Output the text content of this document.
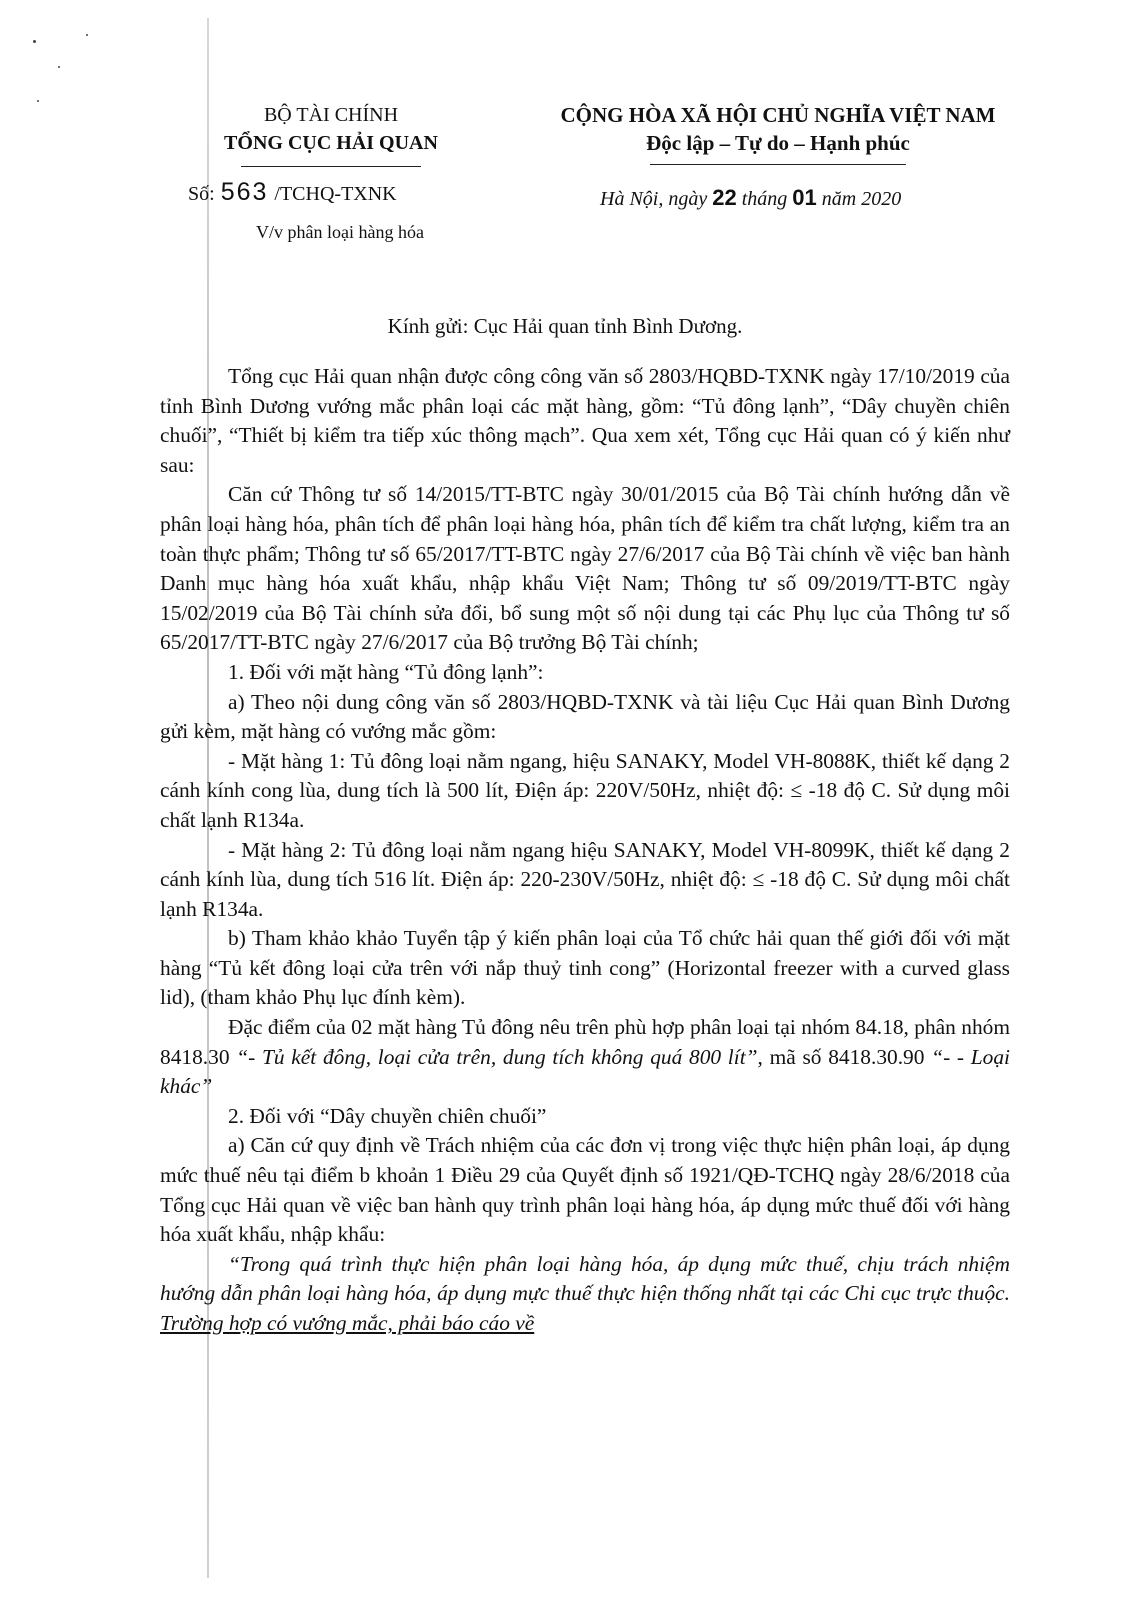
BỘ TÀI CHÍNH
TỔNG CỤC HẢI QUAN
CỘNG HÒA XÃ HỘI CHỦ NGHĨA VIỆT NAM
Độc lập – Tự do – Hạnh phúc
Số: 563 /TCHQ-TXNK
V/v phân loại hàng hóa
Hà Nội, ngày 22 tháng 01 năm 2020
Kính gửi: Cục Hải quan tỉnh Bình Dương.

Tổng cục Hải quan nhận được công công văn số 2803/HQBD-TXNK ngày 17/10/2019 của tỉnh Bình Dương vướng mắc phân loại các mặt hàng, gồm: “Tủ đông lạnh”, “Dây chuyền chiên chuối”, “Thiết bị kiểm tra tiếp xúc thông mạch”. Qua xem xét, Tổng cục Hải quan có ý kiến như sau:

Căn cứ Thông tư số 14/2015/TT-BTC ngày 30/01/2015 của Bộ Tài chính hướng dẫn về phân loại hàng hóa, phân tích để phân loại hàng hóa, phân tích để kiểm tra chất lượng, kiểm tra an toàn thực phẩm; Thông tư số 65/2017/TT-BTC ngày 27/6/2017 của Bộ Tài chính về việc ban hành Danh mục hàng hóa xuất khẩu, nhập khẩu Việt Nam; Thông tư số 09/2019/TT-BTC ngày 15/02/2019 của Bộ Tài chính sửa đổi, bổ sung một số nội dung tại các Phụ lục của Thông tư số 65/2017/TT-BTC ngày 27/6/2017 của Bộ trưởng Bộ Tài chính;

1. Đối với mặt hàng “Tủ đông lạnh”:

a) Theo nội dung công văn số 2803/HQBD-TXNK và tài liệu Cục Hải quan Bình Dương gửi kèm, mặt hàng có vướng mắc gồm:

- Mặt hàng 1: Tủ đông loại nằm ngang, hiệu SANAKY, Model VH-8088K, thiết kế dạng 2 cánh kính cong lùa, dung tích là 500 lít, Điện áp: 220V/50Hz, nhiệt độ: ≤ -18 độ C. Sử dụng môi chất lạnh R134a.

- Mặt hàng 2: Tủ đông loại nằm ngang hiệu SANAKY, Model VH-8099K, thiết kế dạng 2 cánh kính lùa, dung tích 516 lít. Điện áp: 220-230V/50Hz, nhiệt độ: ≤ -18 độ C. Sử dụng môi chất lạnh R134a.

b) Tham khảo khảo Tuyển tập ý kiến phân loại của Tổ chức hải quan thế giới đối với mặt hàng “Tủ kết đông loại cửa trên với nắp thuỷ tinh cong” (Horizontal freezer with a curved glass lid), (tham khảo Phụ lục đính kèm).

Đặc điểm của 02 mặt hàng Tủ đông nêu trên phù hợp phân loại tại nhóm 84.18, phân nhóm 8418.30 “- Tủ kết đông, loại cửa trên, dung tích không quá 800 lít”, mã số 8418.30.90 “- - Loại khác”

2. Đối với “Dây chuyền chiên chuối”

a) Căn cứ quy định về Trách nhiệm của các đơn vị trong việc thực hiện phân loại, áp dụng mức thuế nêu tại điểm b khoản 1 Điều 29 của Quyết định số 1921/QĐ-TCHQ ngày 28/6/2018 của Tổng cục Hải quan về việc ban hành quy trình phân loại hàng hóa, áp dụng mức thuế đối với hàng hóa xuất khẩu, nhập khẩu:

“Trong quá trình thực hiện phân loại hàng hóa, áp dụng mức thuế, chịu trách nhiệm hướng dẫn phân loại hàng hóa, áp dụng mực thuế thực hiện thống nhất tại các Chi cục trực thuộc. Trường hợp có vướng mắc, phải báo cáo về
